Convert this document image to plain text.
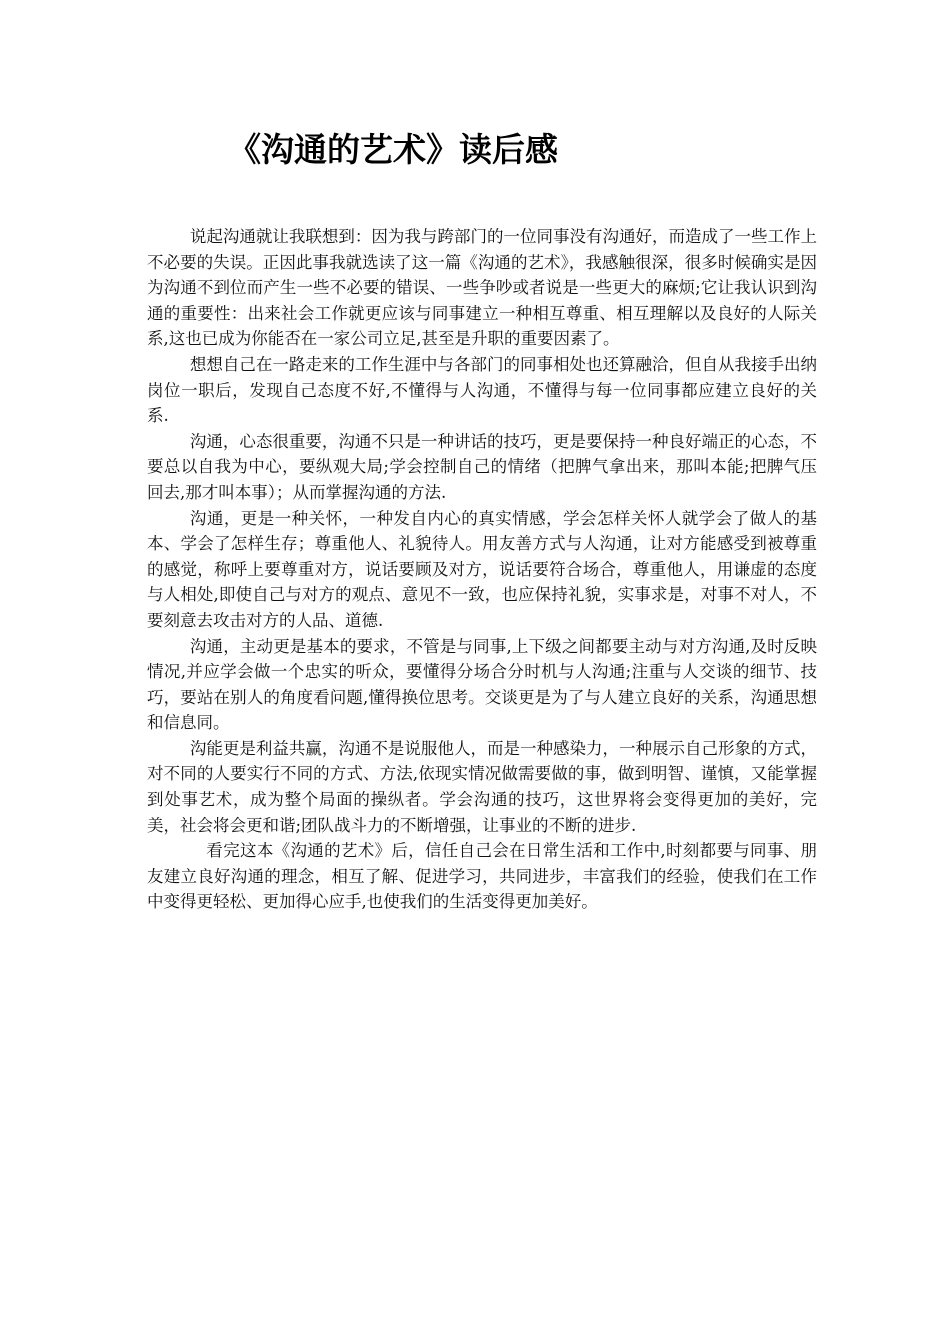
《沟通的艺术》读后感

说起沟通就让我联想到：因为我与跨部门的一位同事没有沟通好，而造成了一些工作上不必要的失误。正因此事我就选读了这一篇《沟通的艺术》，我感触很深，很多时候确实是因为沟通不到位而产生一些不必要的错误、一些争吵或者说是一些更大的麻烦;它让我认识到沟通的重要性：出来社会工作就更应该与同事建立一种相互尊重、相互理解以及良好的人际关系,这也已成为你能否在一家公司立足,甚至是升职的重要因素了。

想想自己在一路走来的工作生涯中与各部门的同事相处也还算融洽，但自从我接手出纳岗位一职后，发现自己态度不好,不懂得与人沟通，不懂得与每一位同事都应建立良好的关系.

沟通，心态很重要，沟通不只是一种讲话的技巧，更是要保持一种良好端正的心态，不要总以自我为中心，要纵观大局;学会控制自己的情绪（把脾气拿出来，那叫本能;把脾气压回去,那才叫本事）；从而掌握沟通的方法.

沟通，更是一种关怀，一种发自内心的真实情感，学会怎样关怀人就学会了做人的基本、学会了怎样生存；尊重他人、礼貌待人。用友善方式与人沟通，让对方能感受到被尊重的感觉，称呼上要尊重对方，说话要顾及对方，说话要符合场合，尊重他人，用谦虚的态度与人相处,即使自己与对方的观点、意见不一致，也应保持礼貌，实事求是，对事不对人，不要刻意去攻击对方的人品、道德.

沟通，主动更是基本的要求，不管是与同事,上下级之间都要主动与对方沟通,及时反映情况,并应学会做一个忠实的听众，要懂得分场合分时机与人沟通;注重与人交谈的细节、技巧，要站在别人的角度看问题,懂得换位思考。交谈更是为了与人建立良好的关系，沟通思想和信息同。

沟能更是利益共赢，沟通不是说服他人，而是一种感染力，一种展示自己形象的方式，对不同的人要实行不同的方式、方法,依现实情况做需要做的事，做到明智、谨慎，又能掌握到处事艺术，成为整个局面的操纵者。学会沟通的技巧，这世界将会变得更加的美好，完美，社会将会更和谐;团队战斗力的不断增强，让事业的不断的进步.

看完这本《沟通的艺术》后，信任自己会在日常生活和工作中,时刻都要与同事、朋友建立良好沟通的理念，相互了解、促进学习，共同进步，丰富我们的经验，使我们在工作中变得更轻松、更加得心应手,也使我们的生活变得更加美好。
